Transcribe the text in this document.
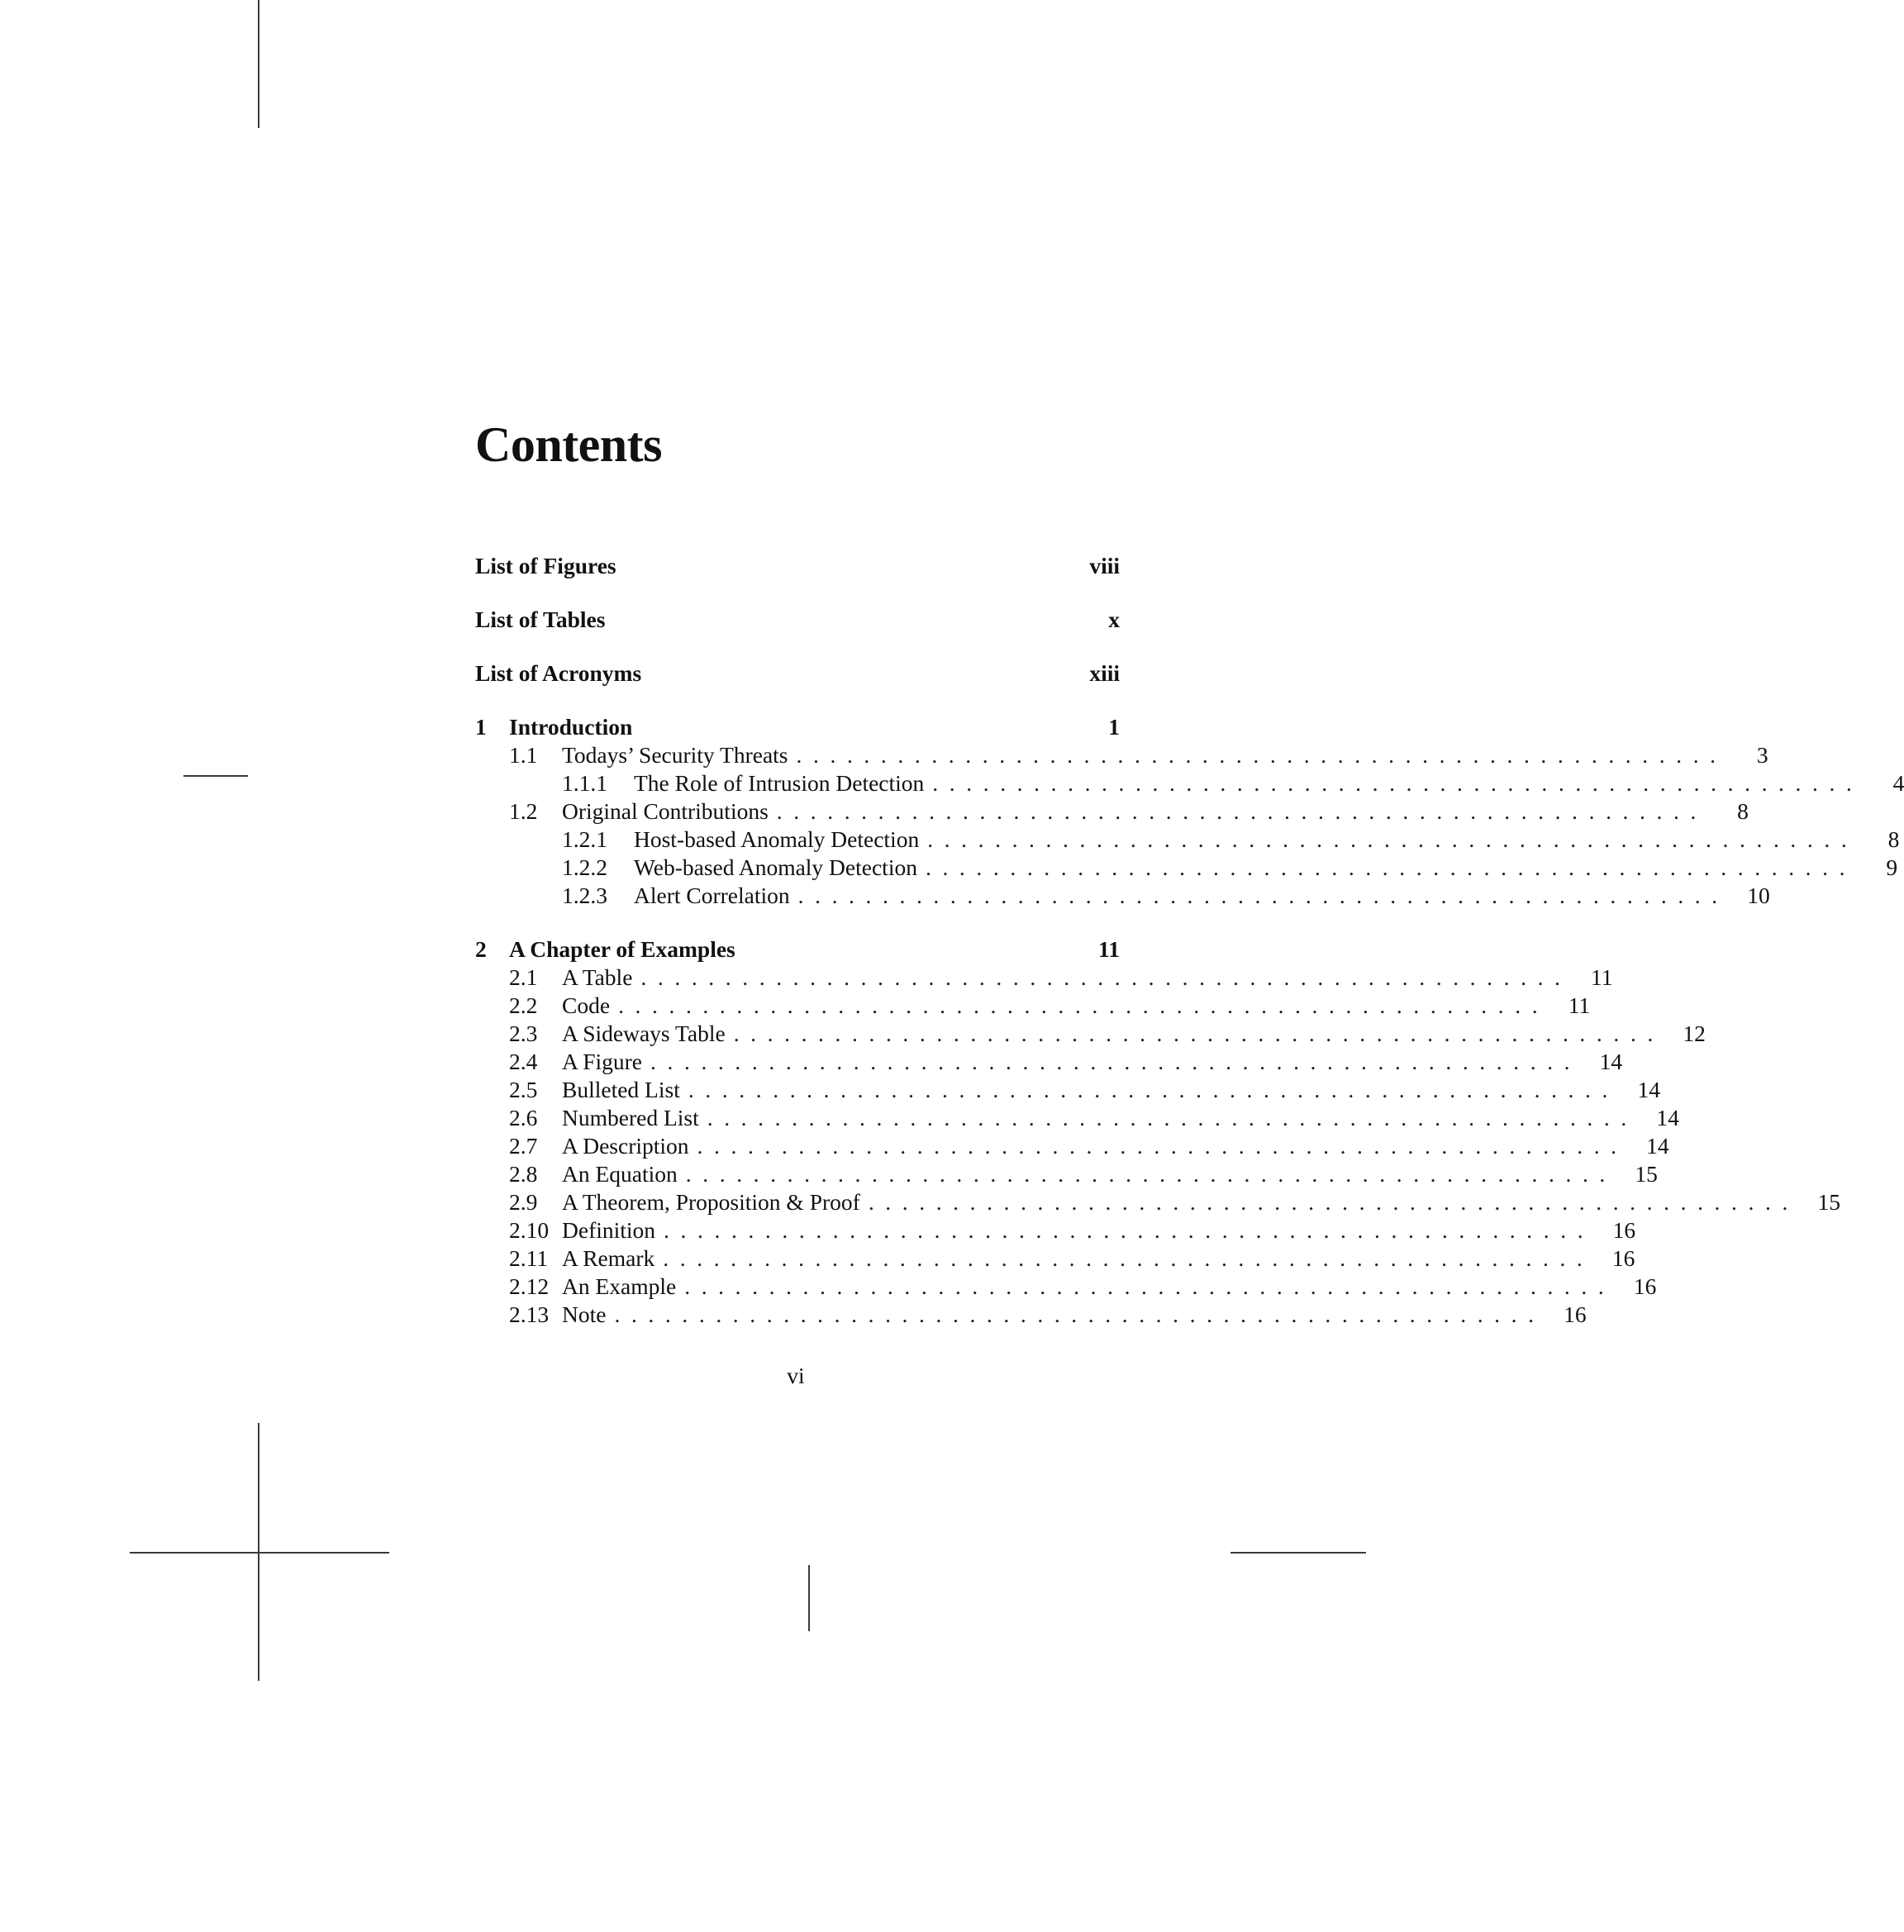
Contents
List of Figures	viii
List of Tables	x
List of Acronyms	xiii
1 Introduction	1
1.1	Todays’ Security Threats .......................................................	3
1.1.1	The Role of Intrusion Detection .......................................................	4
1.2	Original Contributions .......................................................	8
1.2.1	Host-based Anomaly Detection .......................................................	8
1.2.2	Web-based Anomaly Detection .......................................................	9
1.2.3	Alert Correlation ....................................................... 10
2 A Chapter of Examples	11
2.1	A Table ....................................................... 11
2.2	Code ....................................................... 11
2.3	A Sideways Table ....................................................... 12
2.4	A Figure ....................................................... 14
2.5	Bulleted List ....................................................... 14
2.6	Numbered List ....................................................... 14
2.7	A Description ....................................................... 14
2.8	An Equation ....................................................... 15
2.9	A Theorem, Proposition & Proof ....................................................... 15
2.10 Definition ....................................................... 16
2.11 A Remark ....................................................... 16
2.12 An Example ....................................................... 16
2.13 Note ....................................................... 16
vi
